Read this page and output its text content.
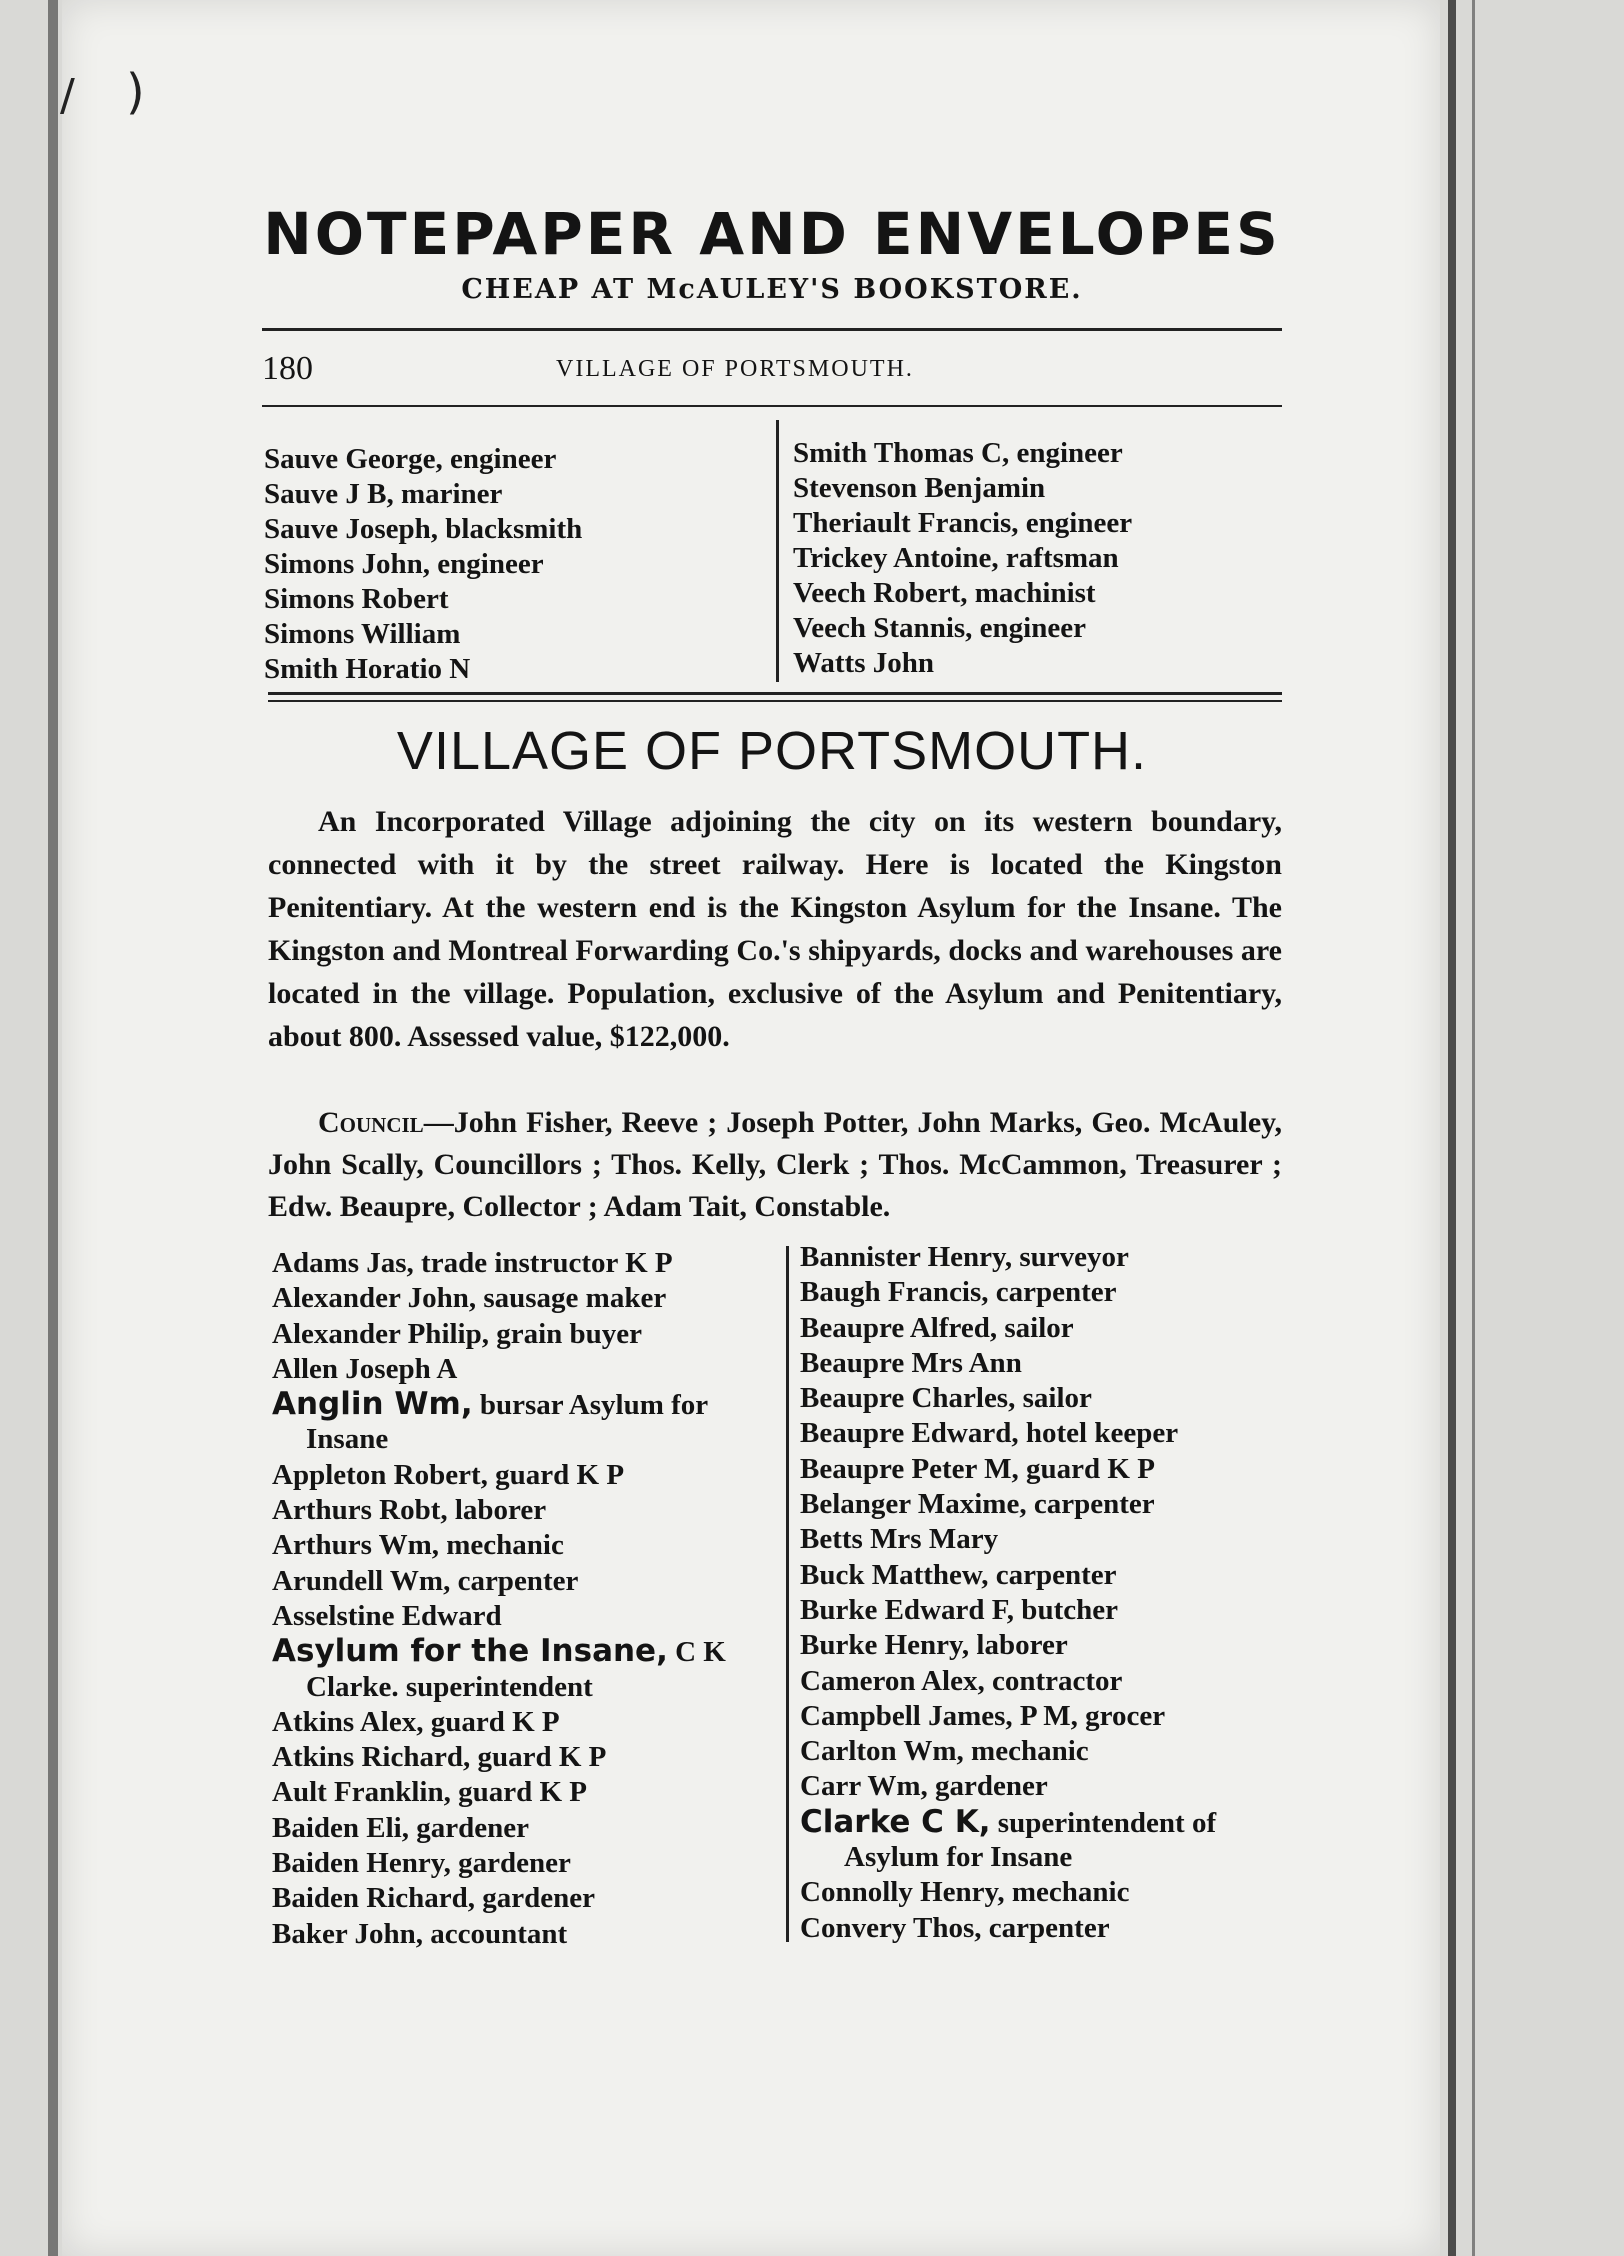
/ )
NOTEPAPER AND ENVELOPES
CHEAP AT McAULEY'S BOOKSTORE.
180	VILLAGE OF PORTSMOUTH.
Sauve George, engineer
Sauve J B, mariner
Sauve Joseph, blacksmith
Simons John, engineer
Simons Robert
Simons William
Smith Horatio N
Smith Thomas C, engineer
Stevenson Benjamin
Theriault Francis, engineer
Trickey Antoine, raftsman
Veech Robert, machinist
Veech Stannis, engineer
Watts John
VILLAGE OF PORTSMOUTH.
An Incorporated Village adjoining the city on its western boundary, connected with it by the street railway. Here is located the Kingston Penitentiary. At the western end is the Kingston Asylum for the Insane. The Kingston and Montreal Forwarding Co.'s shipyards, docks and warehouses are located in the village. Population, exclusive of the Asylum and Penitentiary, about 800. Assessed value, $122,000.
Council—John Fisher, Reeve ; Joseph Potter, John Marks, Geo. McAuley, John Scally, Councillors ; Thos. Kelly, Clerk ; Thos. McCammon, Treasurer ; Edw. Beaupre, Collector ; Adam Tait, Constable.
Adams Jas, trade instructor K P
Alexander John, sausage maker
Alexander Philip, grain buyer
Allen Joseph A
Anglin Wm, bursar Asylum for
Insane
Appleton Robert, guard K P
Arthurs Robt, laborer
Arthurs Wm, mechanic
Arundell Wm, carpenter
Asselstine Edward
Asylum for the Insane, C K
Clarke. superintendent
Atkins Alex, guard K P
Atkins Richard, guard K P
Ault Franklin, guard K P
Baiden Eli, gardener
Baiden Henry, gardener
Baiden Richard, gardener
Baker John, accountant
Bannister Henry, surveyor
Baugh Francis, carpenter
Beaupre Alfred, sailor
Beaupre Mrs Ann
Beaupre Charles, sailor
Beaupre Edward, hotel keeper
Beaupre Peter M, guard K P
Belanger Maxime, carpenter
Betts Mrs Mary
Buck Matthew, carpenter
Burke Edward F, butcher
Burke Henry, laborer
Cameron Alex, contractor
Campbell James, P M, grocer
Carlton Wm, mechanic
Carr Wm, gardener
Clarke C K, superintendent of
Asylum for Insane
Connolly Henry, mechanic
Convery Thos, carpenter
